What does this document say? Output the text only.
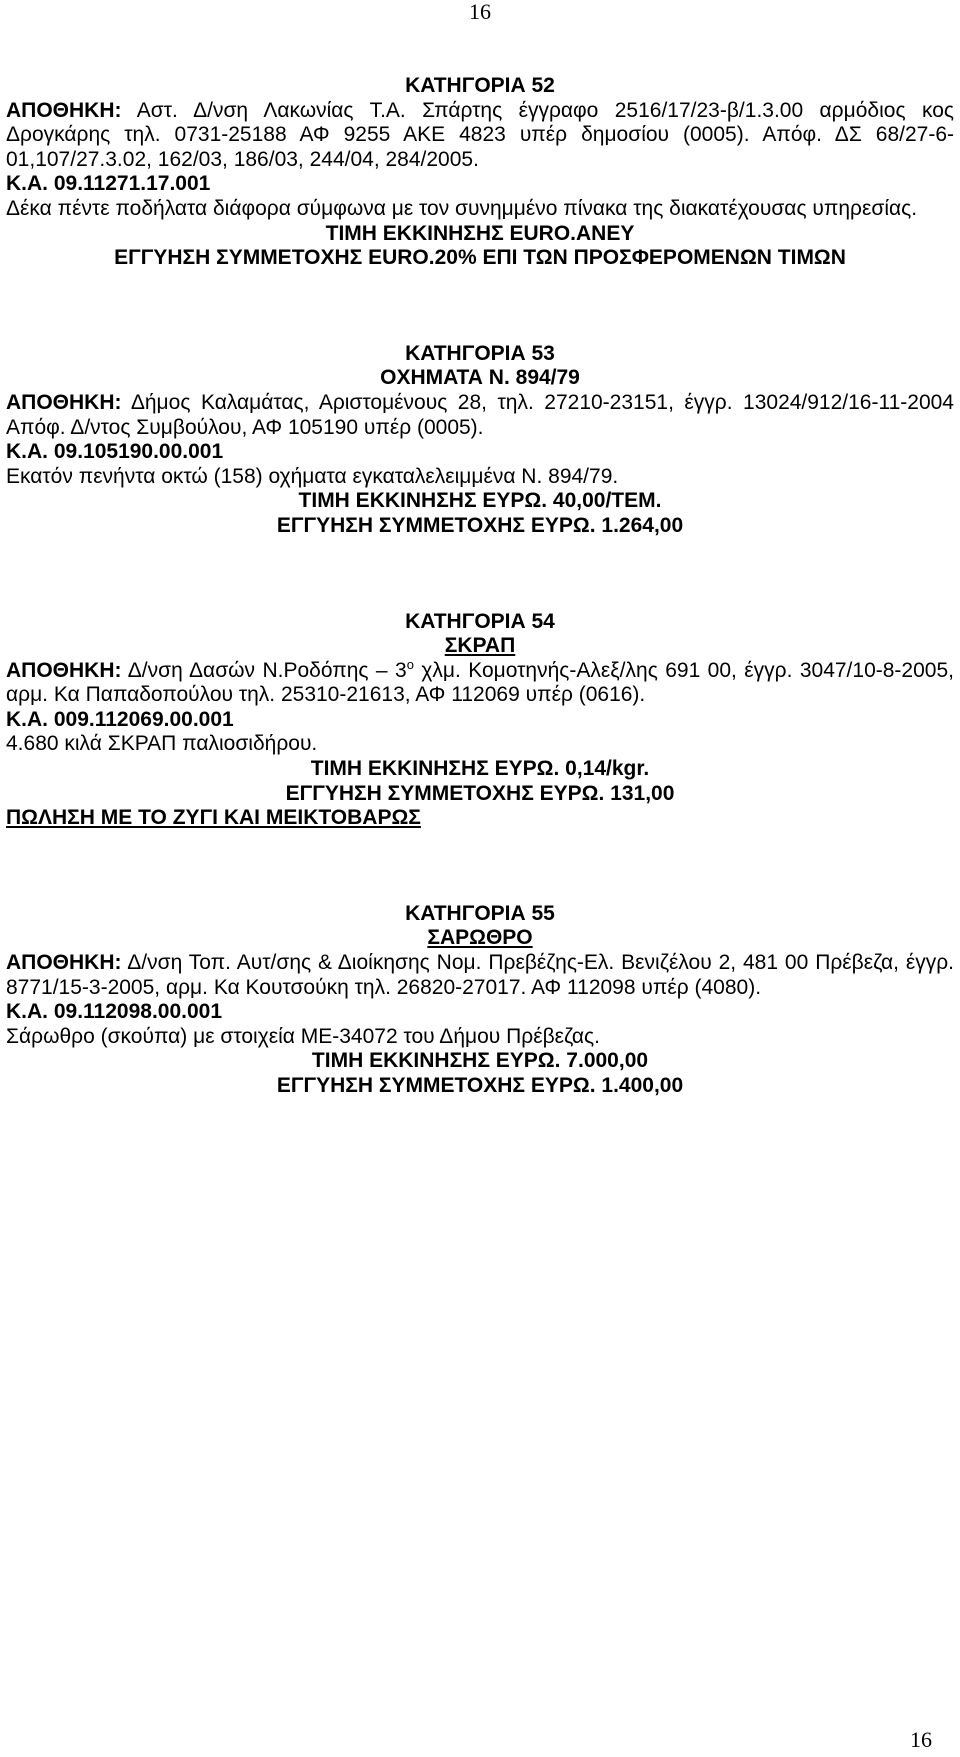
16
ΚΑΤΗΓΟΡΙΑ 52

ΑΠΟΘΗΚΗ: Αστ. Δ/νση Λακωνίας Τ.Α. Σπάρτης έγγραφο 2516/17/23-β/1.3.00 αρμόδιος κος Δρογκάρης τηλ. 0731-25188 ΑΦ 9255 ΑΚΕ 4823 υπέρ δημοσίου (0005). Απόφ. ΔΣ 68/27-6-01,107/27.3.02, 162/03, 186/03, 244/04, 284/2005.

Κ.Α. 09.11271.17.001

Δέκα πέντε ποδήλατα διάφορα σύμφωνα με τον συνημμένο πίνακα της διακατέχουσας υπηρεσίας.

ΤΙΜΗ ΕΚΚΙΝΗΣΗΣ EURO.ΑΝΕΥ
ΕΓΓΥΗΣΗ ΣΥΜΜΕΤΟΧΗΣ EURO.20% ΕΠΙ ΤΩΝ ΠΡΟΣΦΕΡΟΜΕΝΩΝ ΤΙΜΩΝ
ΚΑΤΗΓΟΡΙΑ 53
ΟΧΗΜΑΤΑ Ν. 894/79

ΑΠΟΘΗΚΗ: Δήμος Καλαμάτας, Αριστομένους 28, τηλ. 27210-23151, έγγρ. 13024/912/16-11-2004 Απόφ. Δ/ντος Συμβούλου, ΑΦ 105190 υπέρ (0005).

Κ.Α. 09.105190.00.001

Εκατόν πενήντα οκτώ (158) οχήματα εγκαταλελειμμένα Ν. 894/79.

ΤΙΜΗ ΕΚΚΙΝΗΣΗΣ ΕΥΡΩ. 40,00/ΤΕΜ.
ΕΓΓΥΗΣΗ ΣΥΜΜΕΤΟΧΗΣ ΕΥΡΩ. 1.264,00
ΚΑΤΗΓΟΡΙΑ 54
ΣΚΡΑΠ

ΑΠΟΘΗΚΗ: Δ/νση Δασών $N.Po\delta ό\pi\eta\varsigma - 3^o$ χλμ. Κομοτηνής-Αλεξ/λης 691 00, έγγρ. 3047/10-8-2005, αρμ. Κα Παπαδοπούλου τηλ. 25310-21613, ΑΦ 112069 υπέρ (0616).

Κ.Α. 009.112069.00.001

4.680 κιλά ΣΚΡΑΠ παλιοσιδήρου.

ΤΙΜΗ ΕΚΚΙΝΗΣΗΣ ΕΥΡΩ. 0,14/kgr.
ΕΓΓΥΗΣΗ ΣΥΜΜΕΤΟΧΗΣ ΕΥΡΩ. 131,00
ΠΩΛΗΣΗ ΜΕ ΤΟ ΖΥΓΙ ΚΑΙ ΜΕΙΚΤΟΒΑΡΩΣ
ΚΑΤΗΓΟΡΙΑ 55
ΣΑΡΩΘΡΟ

ΑΠΟΘΗΚΗ: Δ/νση Τοπ. Αυτ/σης & Διοίκησης Νομ. Πρεβέζης-Ελ. Βενιζέλου 2, 481 00 Πρέβεζα, έγγρ. 8771/15-3-2005, αρμ. Κα Κουτσούκη τηλ. 26820-27017. ΑΦ 112098 υπέρ (4080).

Κ.Α. 09.112098.00.001

Σάρωθρο (σκούπα) με στοιχεία ΜΕ-34072 του Δήμου Πρέβεζας.

ΤΙΜΗ ΕΚΚΙΝΗΣΗΣ ΕΥΡΩ. 7.000,00
ΕΓΓΥΗΣΗ ΣΥΜΜΕΤΟΧΗΣ ΕΥΡΩ. 1.400,00
16
